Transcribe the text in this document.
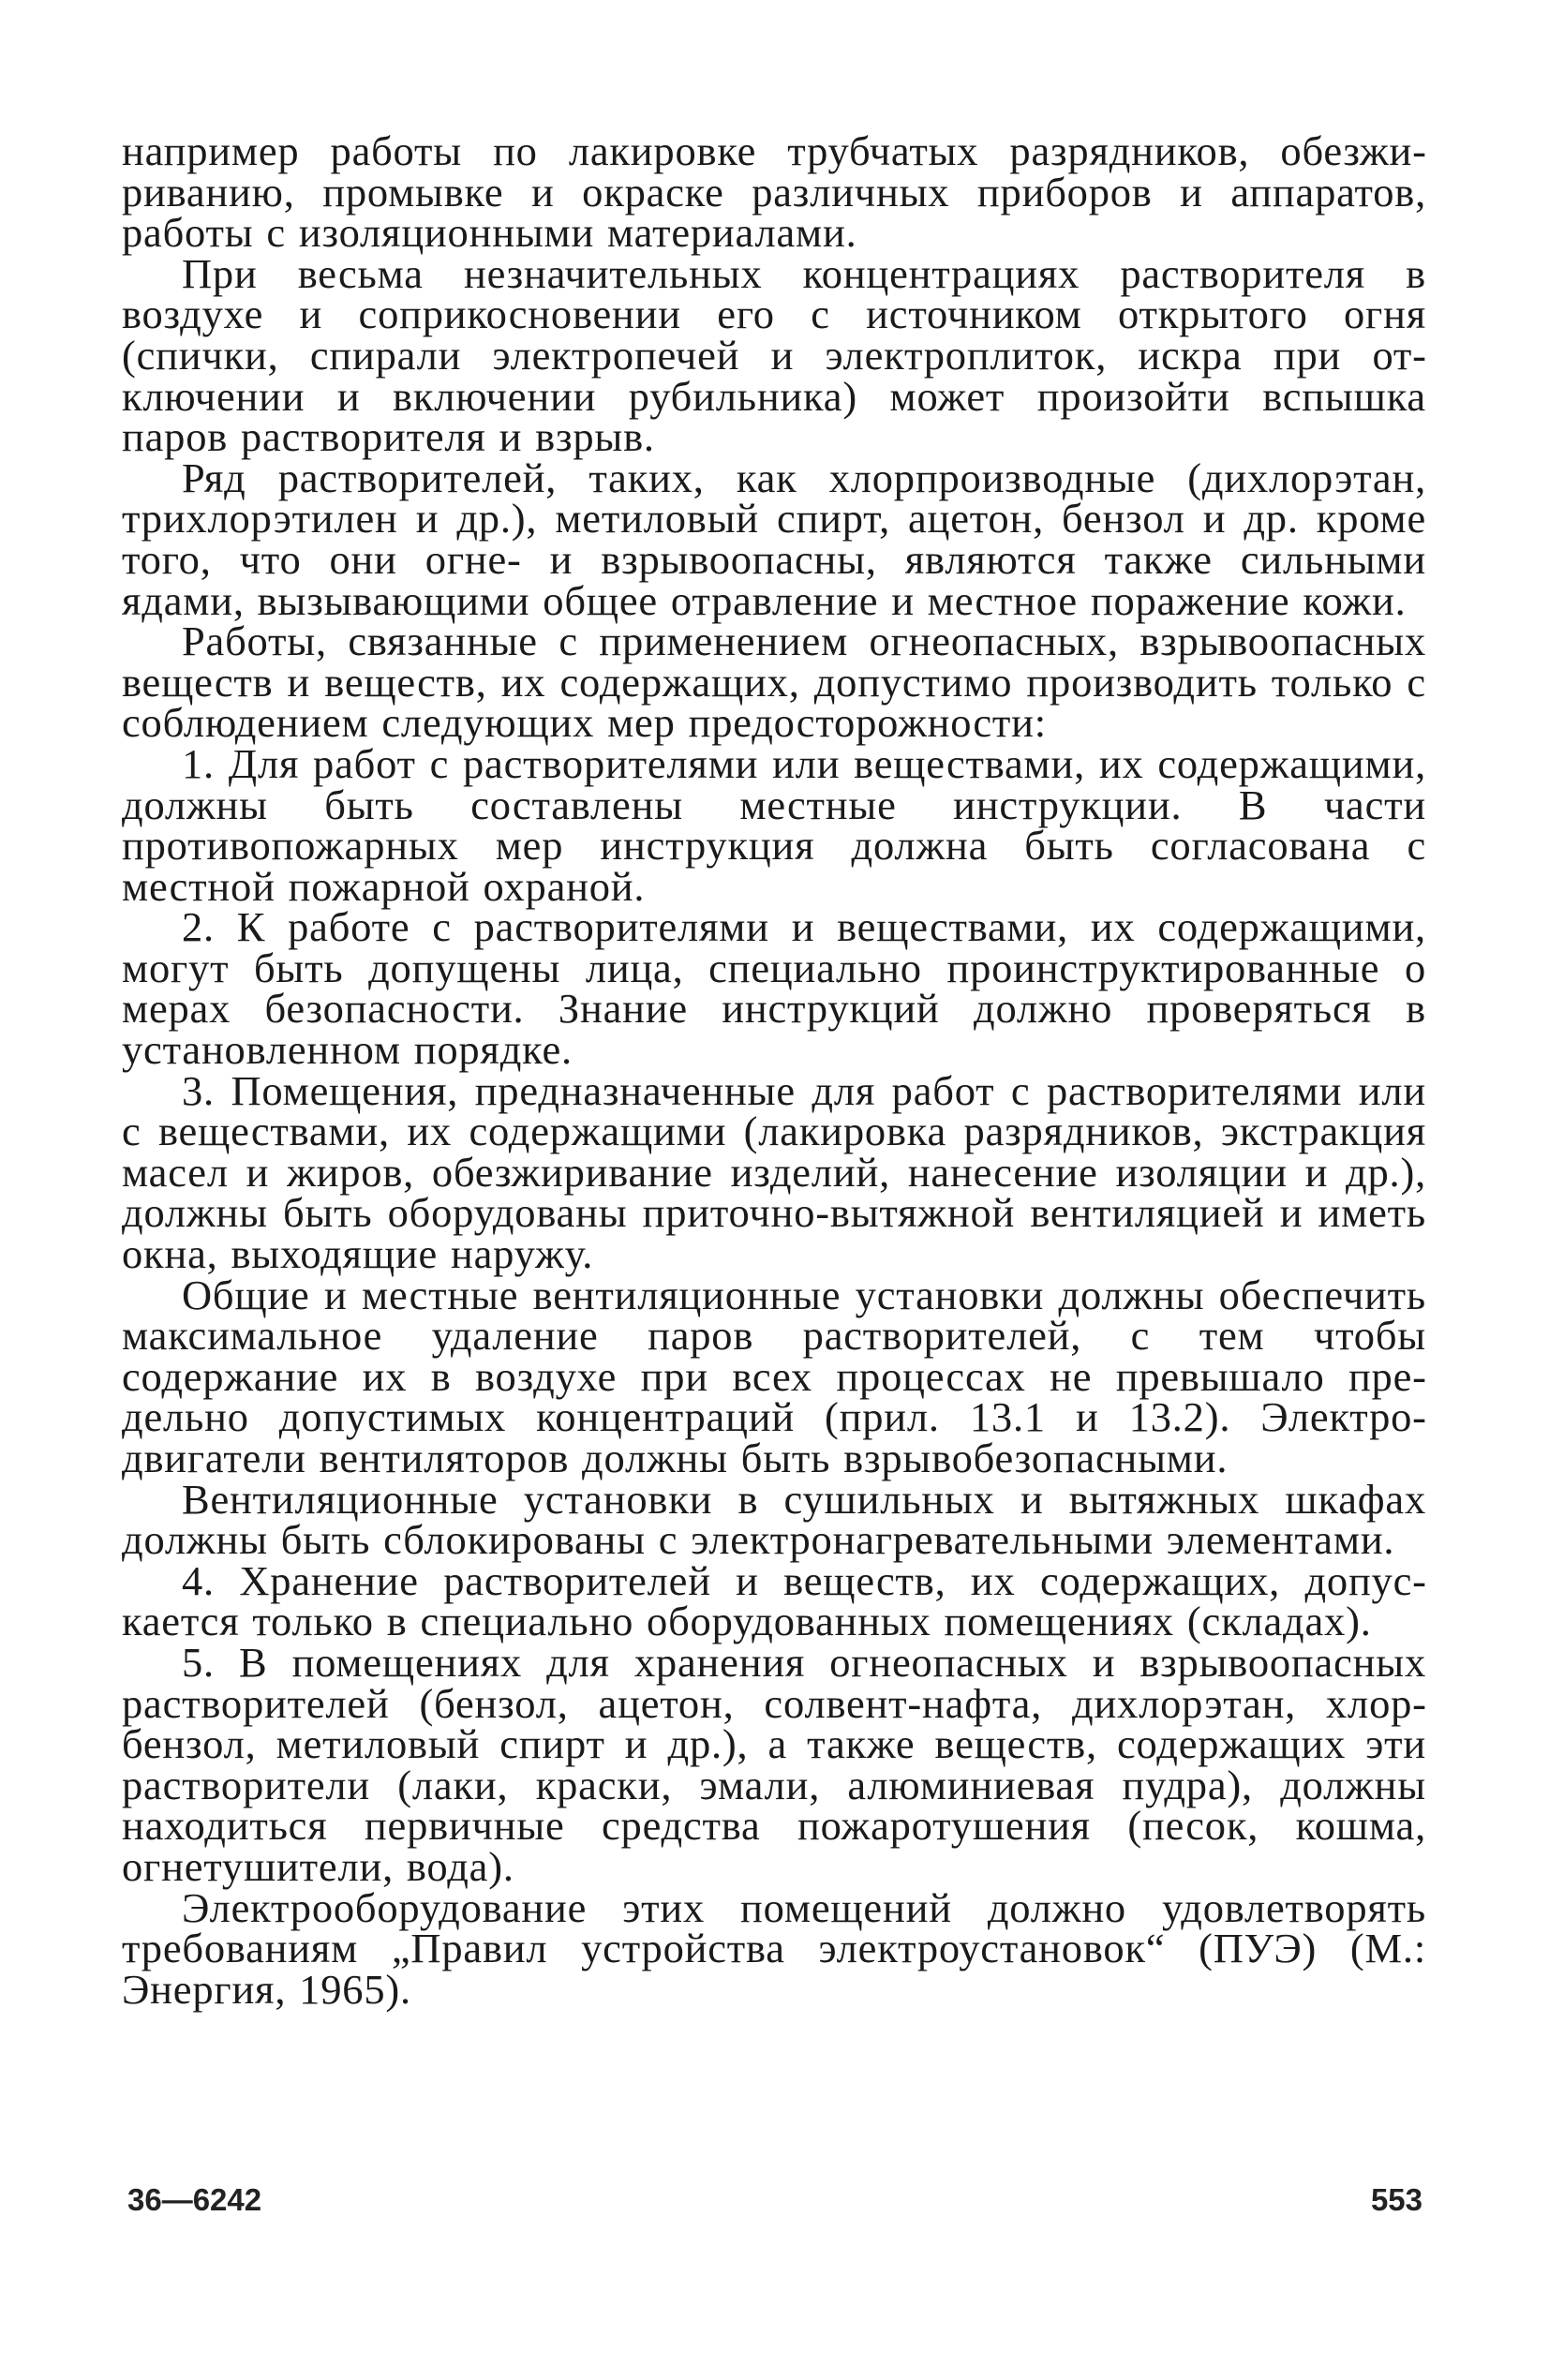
например работы по лакировке трубчатых разрядников, обезжириванию, промывке и окраске различных приборов и аппаратов, работы с изоляционными материалами.

При весьма незначительных концентрациях растворителя в воздухе и соприкосновении его с источником открытого огня (спички, спирали электропечей и электроплиток, искра при отключении и включении рубильника) может произойти вспышка паров растворителя и взрыв.

Ряд растворителей, таких, как хлорпроизводные (дихлорэтан, трихлорэтилен и др.), метиловый спирт, ацетон, бензол и др. кроме того, что они огне- и взрывоопасны, являются также сильными ядами, вызывающими общее отравление и местное поражение кожи.

Работы, связанные с применением огнеопасных, взрывоопасных веществ и веществ, их содержащих, допустимо производить только с соблюдением следующих мер предосторожности:

1. Для работ с растворителями или веществами, их содержащими, должны быть составлены местные инструкции. В части противопожарных мер инструкция должна быть согласована с местной пожарной охраной.

2. К работе с растворителями и веществами, их содержащими, могут быть допущены лица, специально проинструктированные о мерах безопасности. Знание инструкций должно проверяться в установленном порядке.

3. Помещения, предназначенные для работ с растворителями или с веществами, их содержащими (лакировка разрядников, экстракция масел и жиров, обезжиривание изделий, нанесение изоляции и др.), должны быть оборудованы приточно-вытяжной вентиляцией и иметь окна, выходящие наружу.

Общие и местные вентиляционные установки должны обеспечить максимальное удаление паров растворителей, с тем чтобы содержание их в воздухе при всех процессах не превышало предельно допустимых концентраций (прил. 13.1 и 13.2). Электродвигатели вентиляторов должны быть взрывобезопасными.

Вентиляционные установки в сушильных и вытяжных шкафах должны быть сблокированы с электронагревательными элементами.

4. Хранение растворителей и веществ, их содержащих, допускается только в специально оборудованных помещениях (складах).

5. В помещениях для хранения огнеопасных и взрывоопасных растворителей (бензол, ацетон, солвент-нафта, дихлорэтан, хлорбензол, метиловый спирт и др.), а также веществ, содержащих эти растворители (лаки, краски, эмали, алюминиевая пудра), должны находиться первичные средства пожаротушения (песок, кошма, огнетушители, вода).

Электрооборудование этих помещений должно удовлетворять требованиям „Правил устройства электроустановок“ (ПУЭ) (М.: Энергия, 1965).

36—6242	553
